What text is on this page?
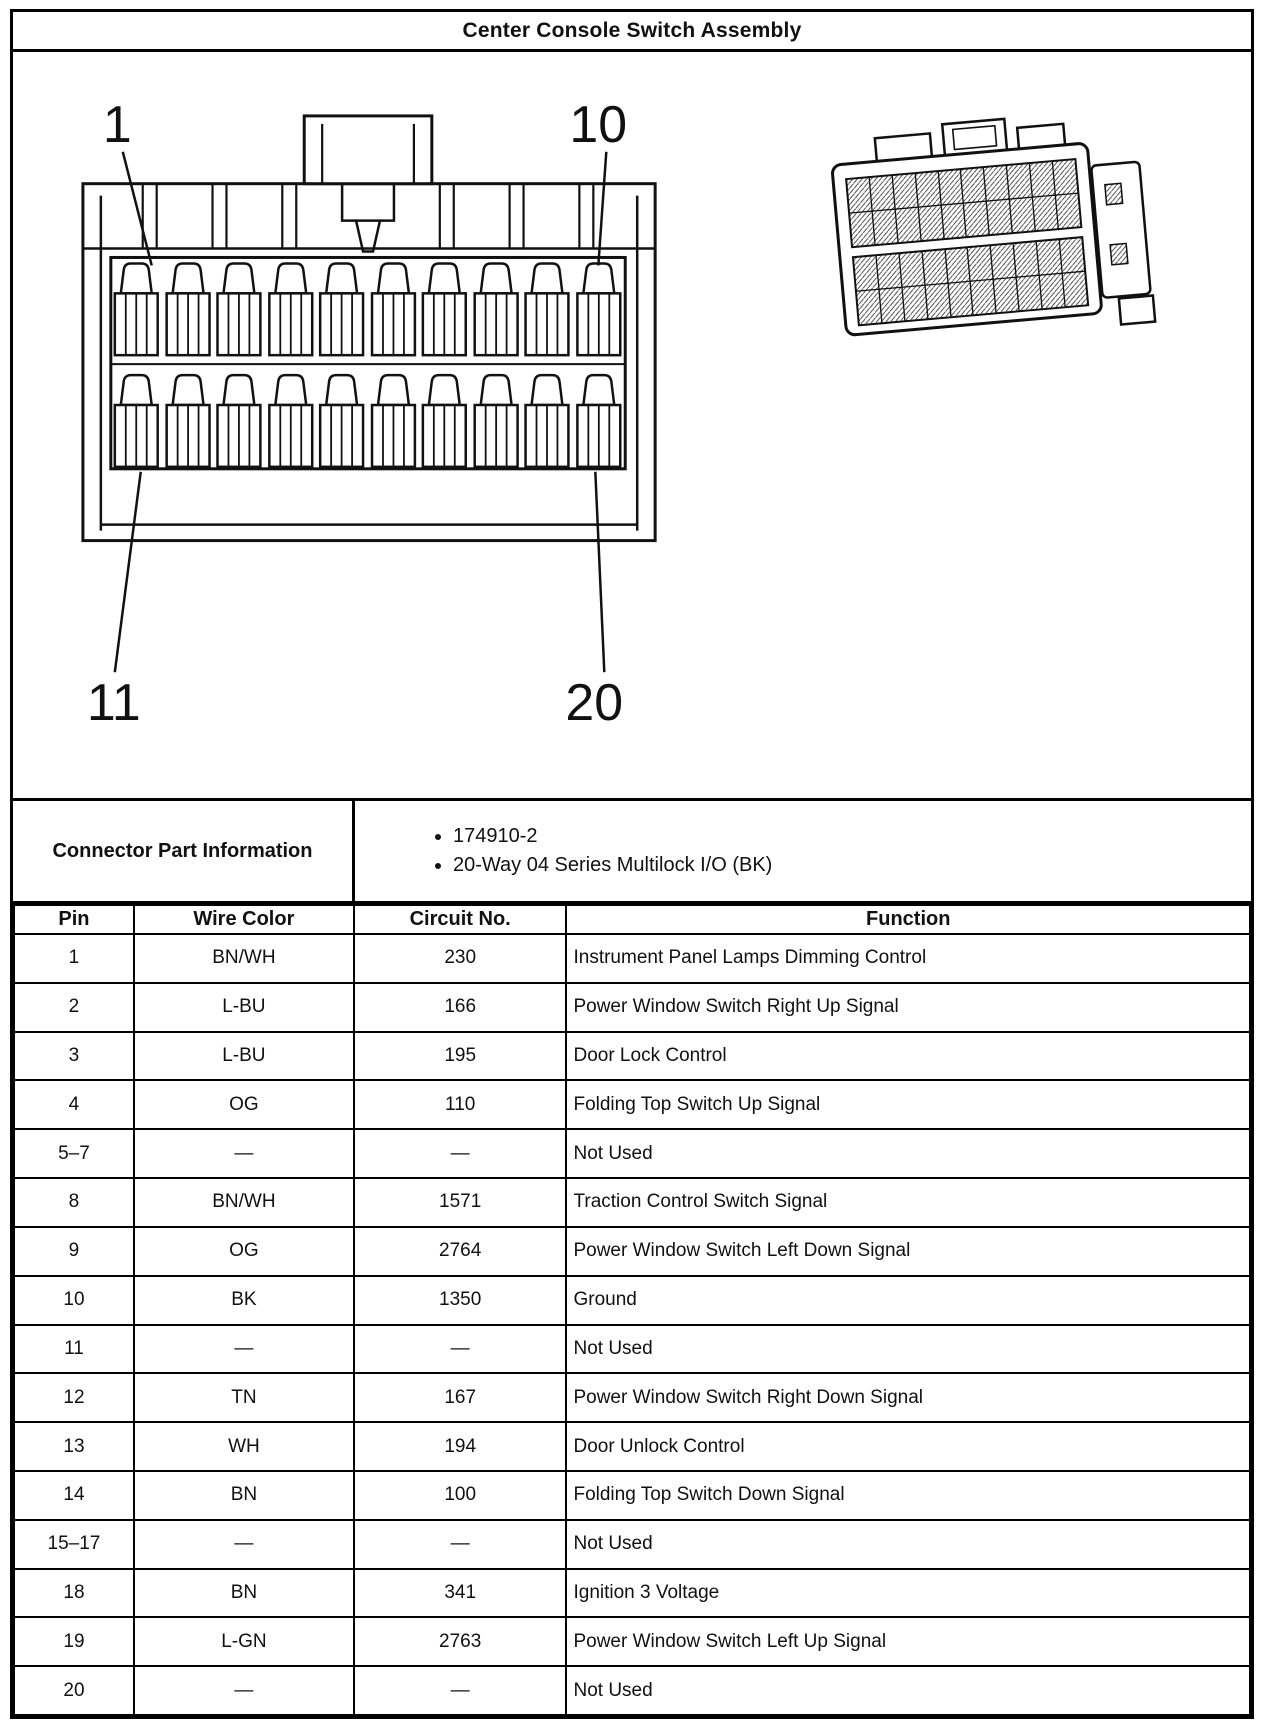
Center Console Switch Assembly
1	10
11	20
Connector Part Information
• 174910-2
• 20-Way 04 Series Multilock I/O (BK)
Pin	Wire Color	Circuit No.	Function
1	BN/WH	230	Instrument Panel Lamps Dimming Control
2	L-BU	166	Power Window Switch Right Up Signal
3	L-BU	195	Door Lock Control
4	OG	110	Folding Top Switch Up Signal
5–7	—	—	Not Used
8	BN/WH	1571	Traction Control Switch Signal
9	OG	2764	Power Window Switch Left Down Signal
10	BK	1350	Ground
11	—	—	Not Used
12	TN	167	Power Window Switch Right Down Signal
13	WH	194	Door Unlock Control
14	BN	100	Folding Top Switch Down Signal
15–17	—	—	Not Used
18	BN	341	Ignition 3 Voltage
19	L-GN	2763	Power Window Switch Left Up Signal
20	—	—	Not Used
